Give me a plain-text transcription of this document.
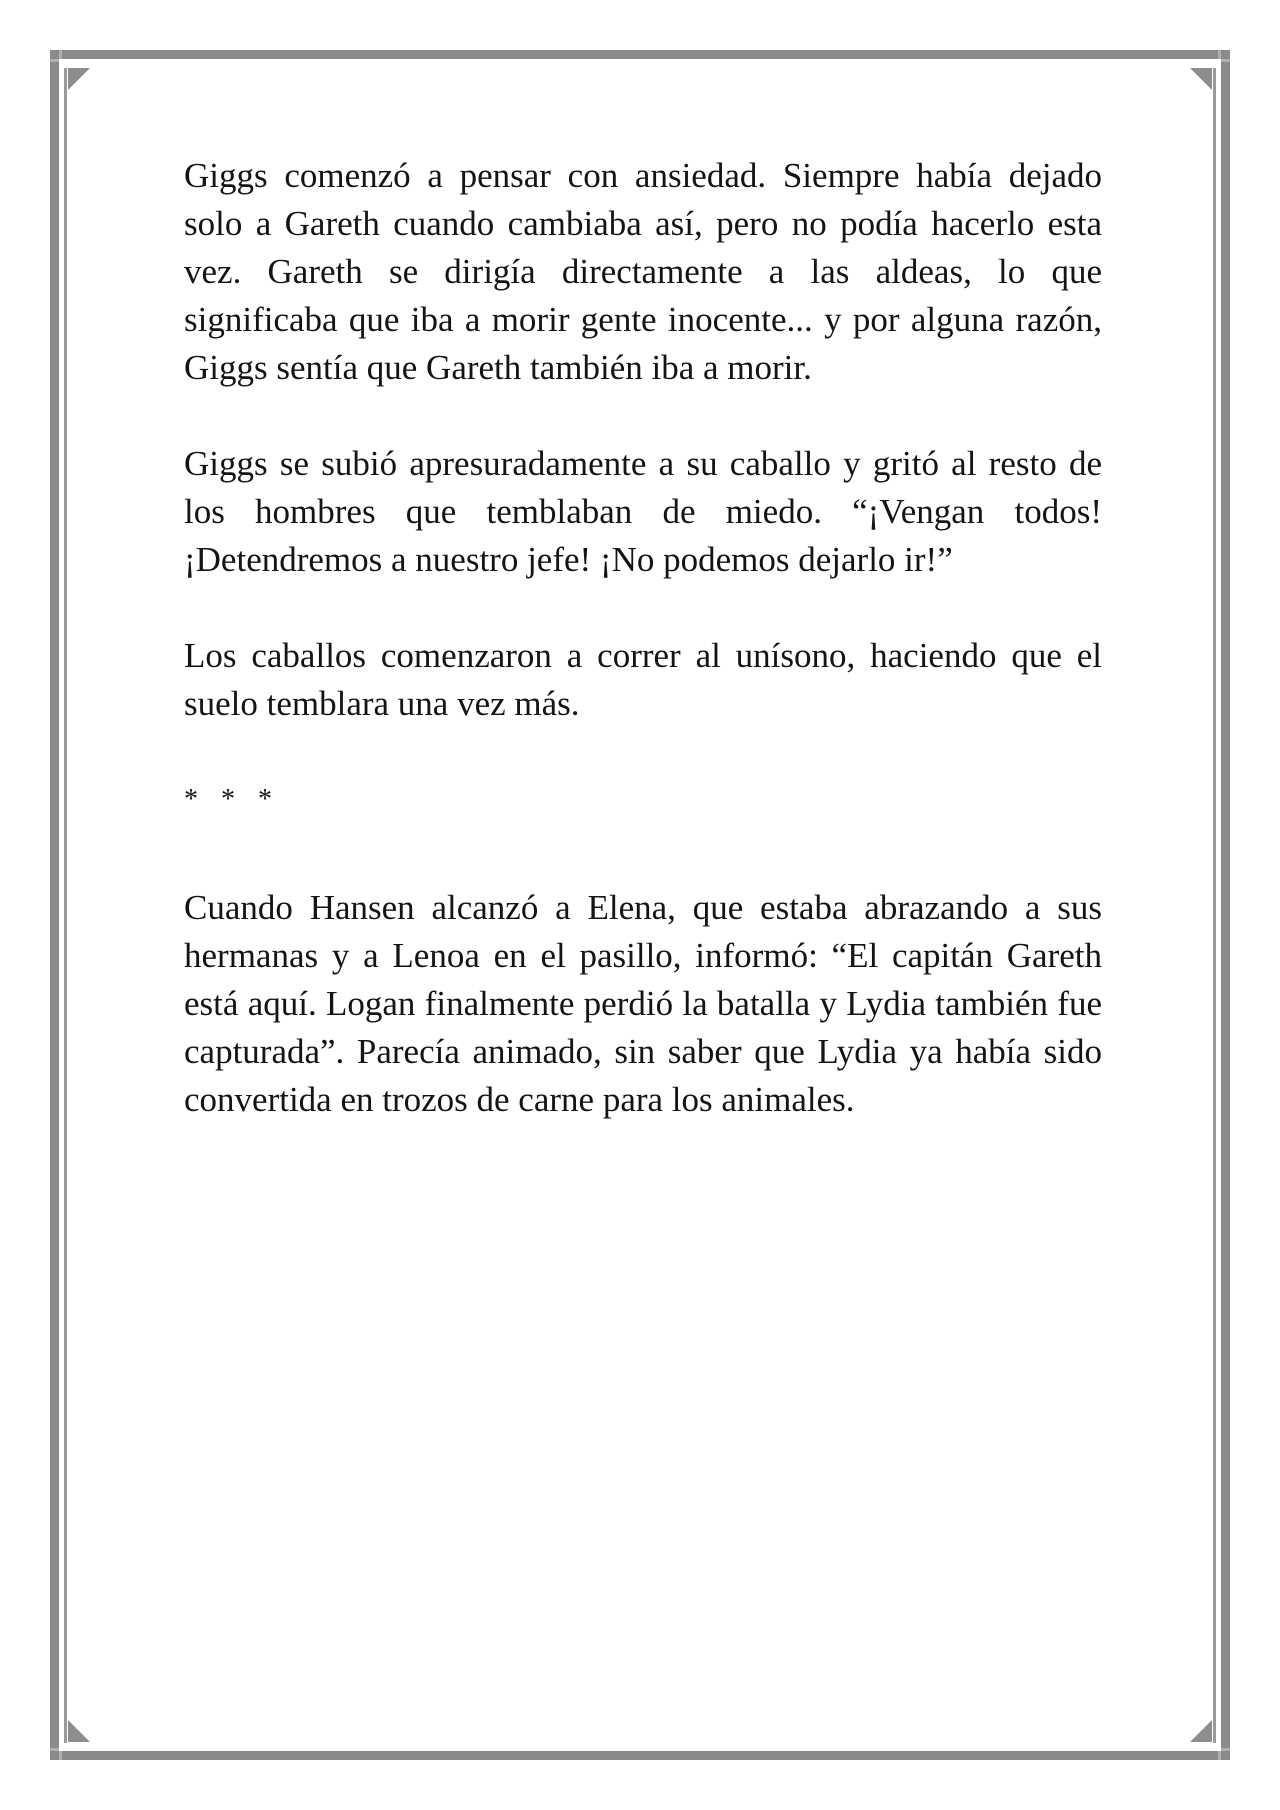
Giggs comenzó a pensar con ansiedad. Siempre había dejado solo a Gareth cuando cambiaba así, pero no podía hacerlo esta vez. Gareth se dirigía directamente a las aldeas, lo que significaba que iba a morir gente inocente... y por alguna razón, Giggs sentía que Gareth también iba a morir.

Giggs se subió apresuradamente a su caballo y gritó al resto de los hombres que temblaban de miedo. “¡Vengan todos! ¡Detendremos a nuestro jefe! ¡No podemos dejarlo ir!”

Los caballos comenzaron a correr al unísono, haciendo que el suelo temblara una vez más.

* * *

Cuando Hansen alcanzó a Elena, que estaba abrazando a sus hermanas y a Lenoa en el pasillo, informó: “El capitán Gareth está aquí. Logan finalmente perdió la batalla y Lydia también fue capturada”. Parecía animado, sin saber que Lydia ya había sido convertida en trozos de carne para los animales.
